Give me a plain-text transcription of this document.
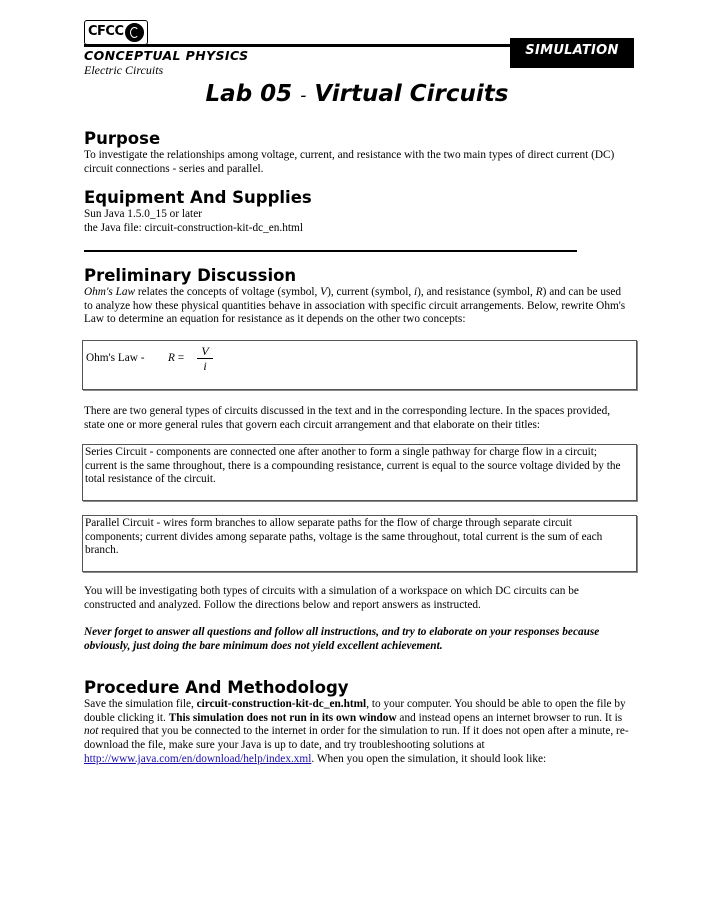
CFCC
SIMULATION
CONCEPTUAL PHYSICS
Electric Circuits
Lab 05 - Virtual Circuits
Purpose
To investigate the relationships among voltage, current, and resistance with the two main types of direct current (DC) circuit connections - series and parallel.
Equipment And Supplies

Sun Java 1.5.0_15 or later

the Java file: circuit-construction-kit-dc_en.html

Preliminary Discussion
Ohm's Law relates the concepts of voltage (symbol, V), current (symbol, i), and resistance (symbol, R) and can be used to analyze how these physical quantities behave in association with specific circuit arrangements. Below, rewrite Ohm's Law to determine an equation for resistance as it depends on the other two concepts:
Ohm's Law - $R = \frac{V}{i}$
There are two general types of circuits discussed in the text and in the corresponding lecture. In the spaces provided, state one or more general rules that govern each circuit arrangement and that elaborate on their titles:
Series Circuit - components are connected one after another to form a single pathway for charge flow in a circuit; current is the same throughout, there is a compounding resistance, current is equal to the source voltage divided by the total resistance of the circuit.
Parallel Circuit - wires form branches to allow separate paths for the flow of charge through separate circuit components; current divides among separate paths, voltage is the same throughout, total current is the sum of each branch.
You will be investigating both types of circuits with a simulation of a workspace on which DC circuits can be constructed and analyzed. Follow the directions below and report answers as instructed.
Never forget to answer all questions and follow all instructions, and try to elaborate on your responses because obviously, just doing the bare minimum does not yield excellent achievement.
Procedure And Methodology
Save the simulation file, circuit-construction-kit-dc_en.html, to your computer. You should be able to open the file by double clicking it. This simulation does not run in its own window and instead opens an internet browser to run. It is not required that you be connected to the internet in order for the simulation to run. If it does not open after a minute, re-download the file, make sure your Java is up to date, and try troubleshooting solutions at http://www.java.com/en/download/help/index.xml. When you open the simulation, it should look like:
